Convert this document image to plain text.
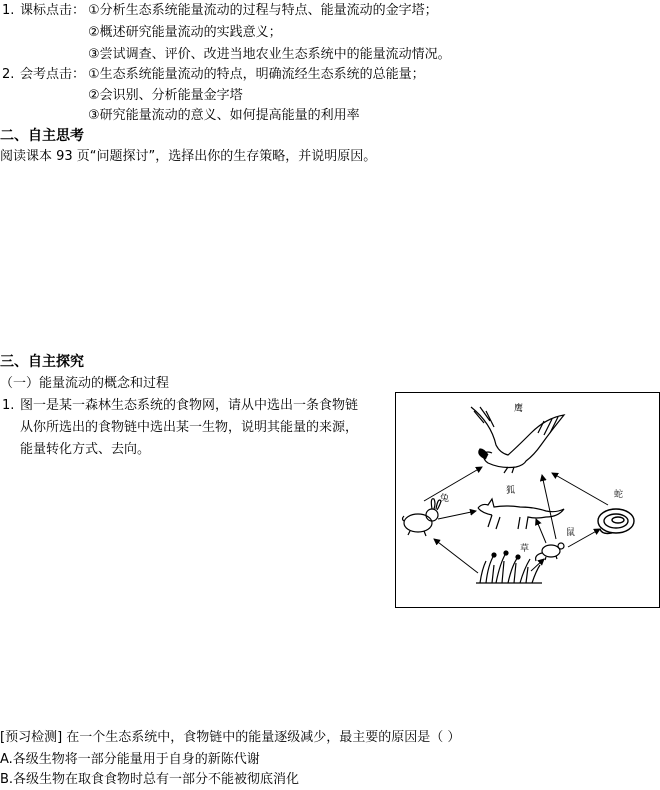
1. 课标点击： ①分析生态系统能量流动的过程与特点、能量流动的金字塔；
②概述研究能量流动的实践意义；
③尝试调查、评价、改进当地农业生态系统中的能量流动情况。
2. 会考点击： ①生态系统能量流动的特点，明确流经生态系统的总能量；
②会识别、分析能量金字塔
③研究能量流动的意义、如何提高能量的利用率
二、自主思考
阅读课本 93 页“问题探讨”，选择出你的生存策略，并说明原因。
三、自主探究
（一）能量流动的概念和过程
1. 图一是某一森林生态系统的食物网，请从中选出一条食物链
从你所选出的食物链中选出某一生物，说明其能量的来源，
能量转化方式、去向。
鹰
兔
狐	蛇
鼠
草
[预习检测] 在一个生态系统中，食物链中的能量逐级减少，最主要的原因是（ ）
A.各级生物将一部分能量用于自身的新陈代谢
B.各级生物在取食食物时总有一部分不能被彻底消化
